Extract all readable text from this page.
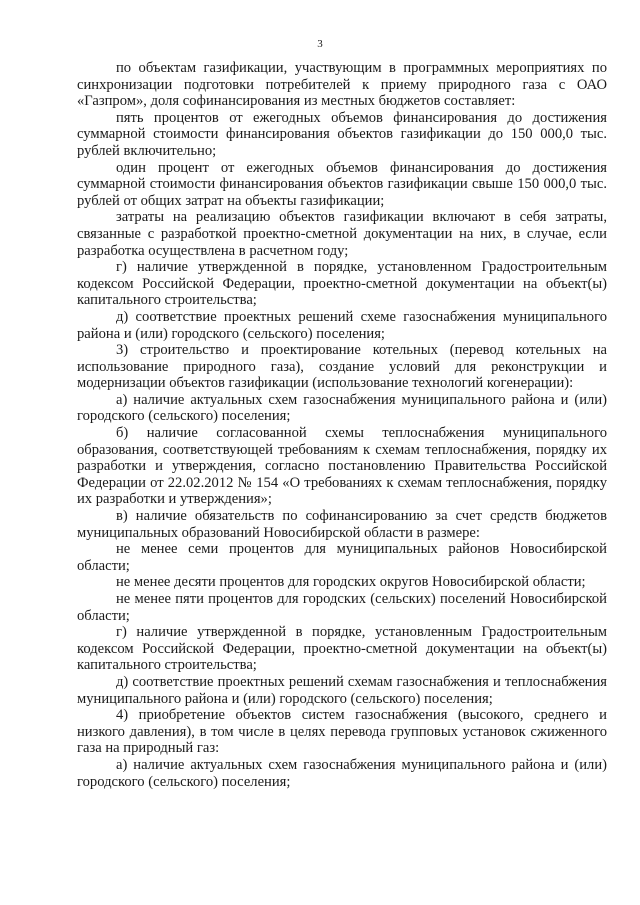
3

по объектам газификации, участвующим в программных мероприятиях по синхронизации подготовки потребителей к приему природного газа с ОАО «Газпром», доля софинансирования из местных бюджетов составляет:

пять процентов от ежегодных объемов финансирования до достижения суммарной стоимости финансирования объектов газификации до 150 000,0 тыс. рублей включительно;

один процент от ежегодных объемов финансирования до достижения суммарной стоимости финансирования объектов газификации свыше 150 000,0 тыс. рублей от общих затрат на объекты газификации;

затраты на реализацию объектов газификации включают в себя затраты, связанные с разработкой проектно-сметной документации на них, в случае, если разработка осуществлена в расчетном году;

г) наличие утвержденной в порядке, установленном Градостроительным кодексом Российской Федерации, проектно-сметной документации на объект(ы) капитального строительства;

д) соответствие проектных решений схеме газоснабжения муниципального района и (или) городского (сельского) поселения;

3) строительство и проектирование котельных (перевод котельных на использование природного газа), создание условий для реконструкции и модернизации объектов газификации (использование технологий когенерации):

а) наличие актуальных схем газоснабжения муниципального района и (или) городского (сельского) поселения;

б) наличие согласованной схемы теплоснабжения муниципального образования, соответствующей требованиям к схемам теплоснабжения, порядку их разработки и утверждения, согласно постановлению Правительства Российской Федерации от 22.02.2012 № 154 «О требованиях к схемам теплоснабжения, порядку их разработки и утверждения»;

в) наличие обязательств по софинансированию за счет средств бюджетов муниципальных образований Новосибирской области в размере:

не менее семи процентов для муниципальных районов Новосибирской области;

не менее десяти процентов для городских округов Новосибирской области;

не менее пяти процентов для городских (сельских) поселений Новосибирской области;

г) наличие утвержденной в порядке, установленным Градостроительным кодексом Российской Федерации, проектно-сметной документации на объект(ы) капитального строительства;

д) соответствие проектных решений схемам газоснабжения и теплоснабжения муниципального района и (или) городского (сельского) поселения;

4) приобретение объектов систем газоснабжения (высокого, среднего и низкого давления), в том числе в целях перевода групповых установок сжиженного газа на природный газ:

а) наличие актуальных схем газоснабжения муниципального района и (или) городского (сельского) поселения;
